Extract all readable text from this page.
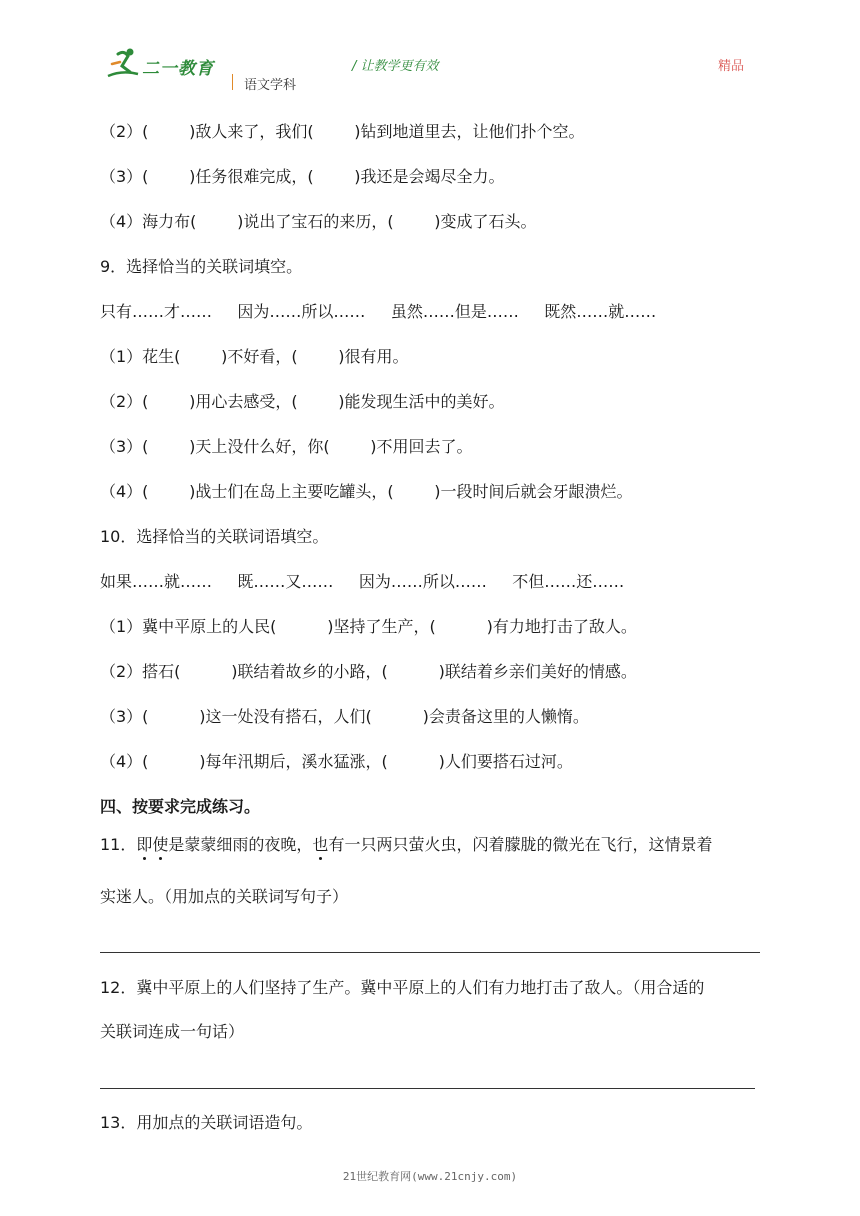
二一教育
语文学科
/ 让教学更有效	精品
（2）(        )敌人来了，我们(        )钻到地道里去，让他们扑个空。
（3）(        )任务很难完成，(        )我还是会竭尽全力。
（4）海力布(        )说出了宝石的来历，(        )变成了石头。
9．选择恰当的关联词填空。
只有……才……     因为……所以……     虽然……但是……     既然……就……
（1）花生(        )不好看，(        )很有用。
（2）(        )用心去感受，(        )能发现生活中的美好。
（3）(        )天上没什么好，你(        )不用回去了。
（4）(        )战士们在岛上主要吃罐头，(        )一段时间后就会牙龈溃烂。
10．选择恰当的关联词语填空。
如果……就……     既……又……     因为……所以……     不但……还……
（1）冀中平原上的人民(          )坚持了生产，(          )有力地打击了敌人。
（2）搭石(          )联结着故乡的小路，(          )联结着乡亲们美好的情感。
（3）(          )这一处没有搭石，人们(          )会责备这里的人懒惰。
（4）(          )每年汛期后，溪水猛涨，(          )人们要搭石过河。
四、按要求完成练习。
11．即使是蒙蒙细雨的夜晚，也有一只两只萤火虫，闪着朦胧的微光在飞行，这情景着
实迷人。（用加点的关联词写句子）
12．冀中平原上的人们坚持了生产。冀中平原上的人们有力地打击了敌人。（用合适的
关联词连成一句话）
13．用加点的关联词语造句。
21世纪教育网(www.21cnjy.com)
